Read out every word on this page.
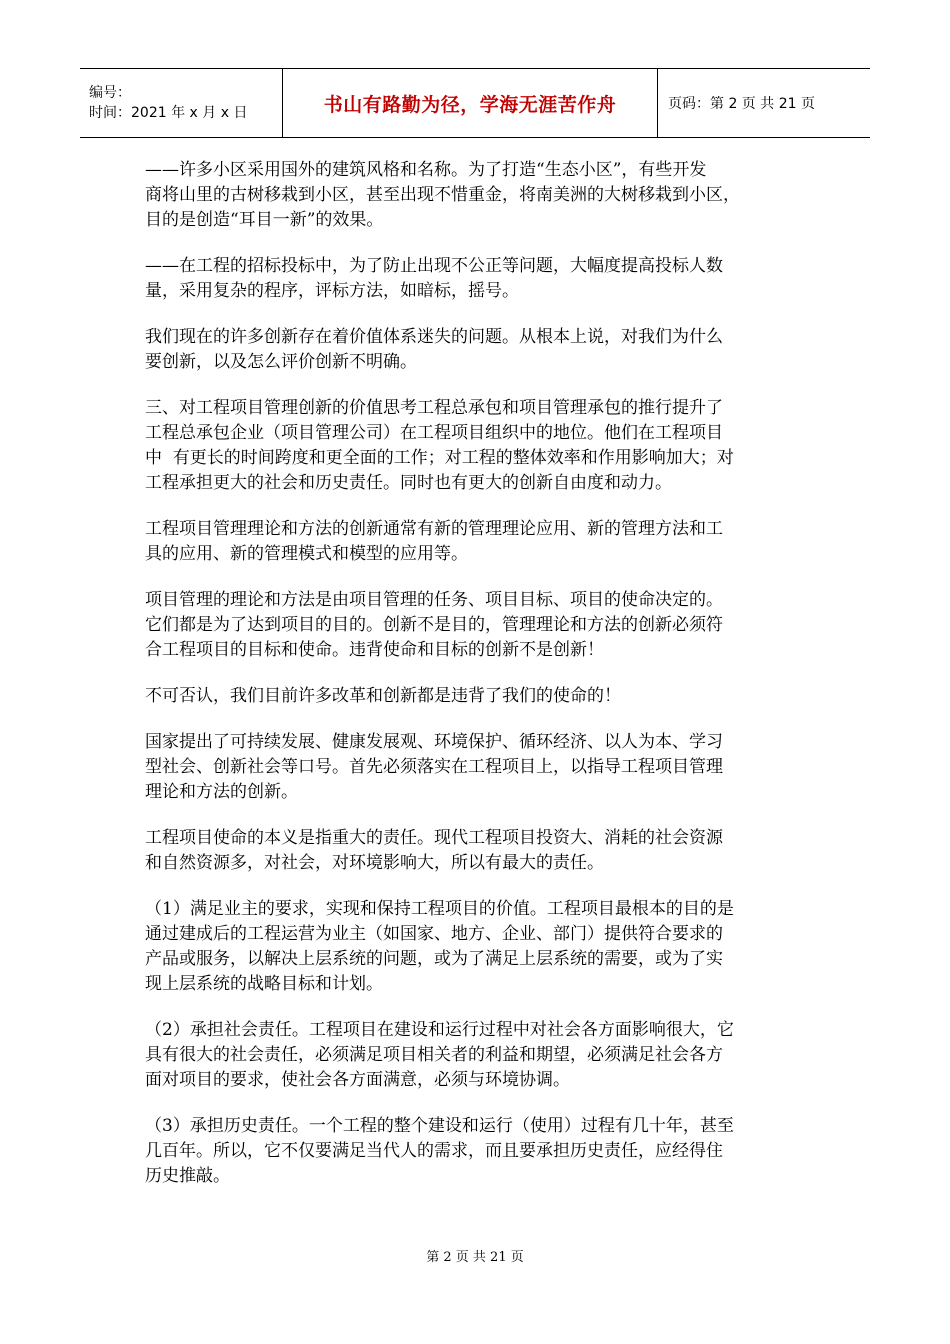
编号：
时间：2021 年 x 月 x 日	书山有路勤为径，学海无涯苦作舟	页码：第 2 页 共 21 页

——许多小区采用国外的建筑风格和名称。为了打造“生态小区”，有些开发
商将山里的古树移栽到小区，甚至出现不惜重金，将南美洲的大树移栽到小区，
目的是创造“耳目一新”的效果。

——在工程的招标投标中，为了防止出现不公正等问题，大幅度提高投标人数
量，采用复杂的程序，评标方法，如暗标，摇号。

我们现在的许多创新存在着价值体系迷失的问题。从根本上说，对我们为什么
要创新，以及怎么评价创新不明确。

三、对工程项目管理创新的价值思考工程总承包和项目管理承包的推行提升了
工程总承包企业（项目管理公司）在工程项目组织中的地位。他们在工程项目
中  有更长的时间跨度和更全面的工作；对工程的整体效率和作用影响加大；对
工程承担更大的社会和历史责任。同时也有更大的创新自由度和动力。

工程项目管理理论和方法的创新通常有新的管理理论应用、新的管理方法和工
具的应用、新的管理模式和模型的应用等。

项目管理的理论和方法是由项目管理的任务、项目目标、项目的使命决定的。
它们都是为了达到项目的目的。创新不是目的，管理理论和方法的创新必须符
合工程项目的目标和使命。违背使命和目标的创新不是创新！

不可否认，我们目前许多改革和创新都是违背了我们的使命的！

国家提出了可持续发展、健康发展观、环境保护、循环经济、以人为本、学习
型社会、创新社会等口号。首先必须落实在工程项目上，以指导工程项目管理
理论和方法的创新。

工程项目使命的本义是指重大的责任。现代工程项目投资大、消耗的社会资源
和自然资源多，对社会，对环境影响大，所以有最大的责任。

（1）满足业主的要求，实现和保持工程项目的价值。工程项目最根本的目的是
通过建成后的工程运营为业主（如国家、地方、企业、部门）提供符合要求的
产品或服务，以解决上层系统的问题，或为了满足上层系统的需要，或为了实
现上层系统的战略目标和计划。

（2）承担社会责任。工程项目在建设和运行过程中对社会各方面影响很大，它
具有很大的社会责任，必须满足项目相关者的利益和期望，必须满足社会各方
面对项目的要求，使社会各方面满意，必须与环境协调。

（3）承担历史责任。一个工程的整个建设和运行（使用）过程有几十年，甚至
几百年。所以，它不仅要满足当代人的需求，而且要承担历史责任，应经得住
历史推敲。

第 2 页 共 21 页
